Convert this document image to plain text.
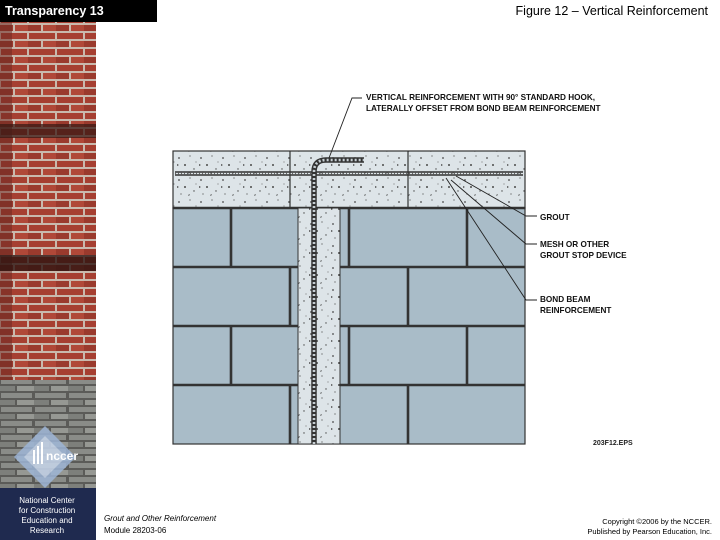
Transparency 13	Figure 12 – Vertical Reinforcement
VERTICAL REINFORCEMENT WITH 90° STANDARD HOOK,
LATERALLY OFFSET FROM BOND BEAM REINFORCEMENT
GROUT
MESH OR OTHER
GROUT STOP DEVICE
BOND BEAM
REINFORCEMENT
203F12.EPS
nccer
National Center
for Construction
Education and
Research
Grout and Other Reinforcement
Module 28203-06
Copyright ©2006 by the NCCER.
Published by Pearson Education, Inc.
